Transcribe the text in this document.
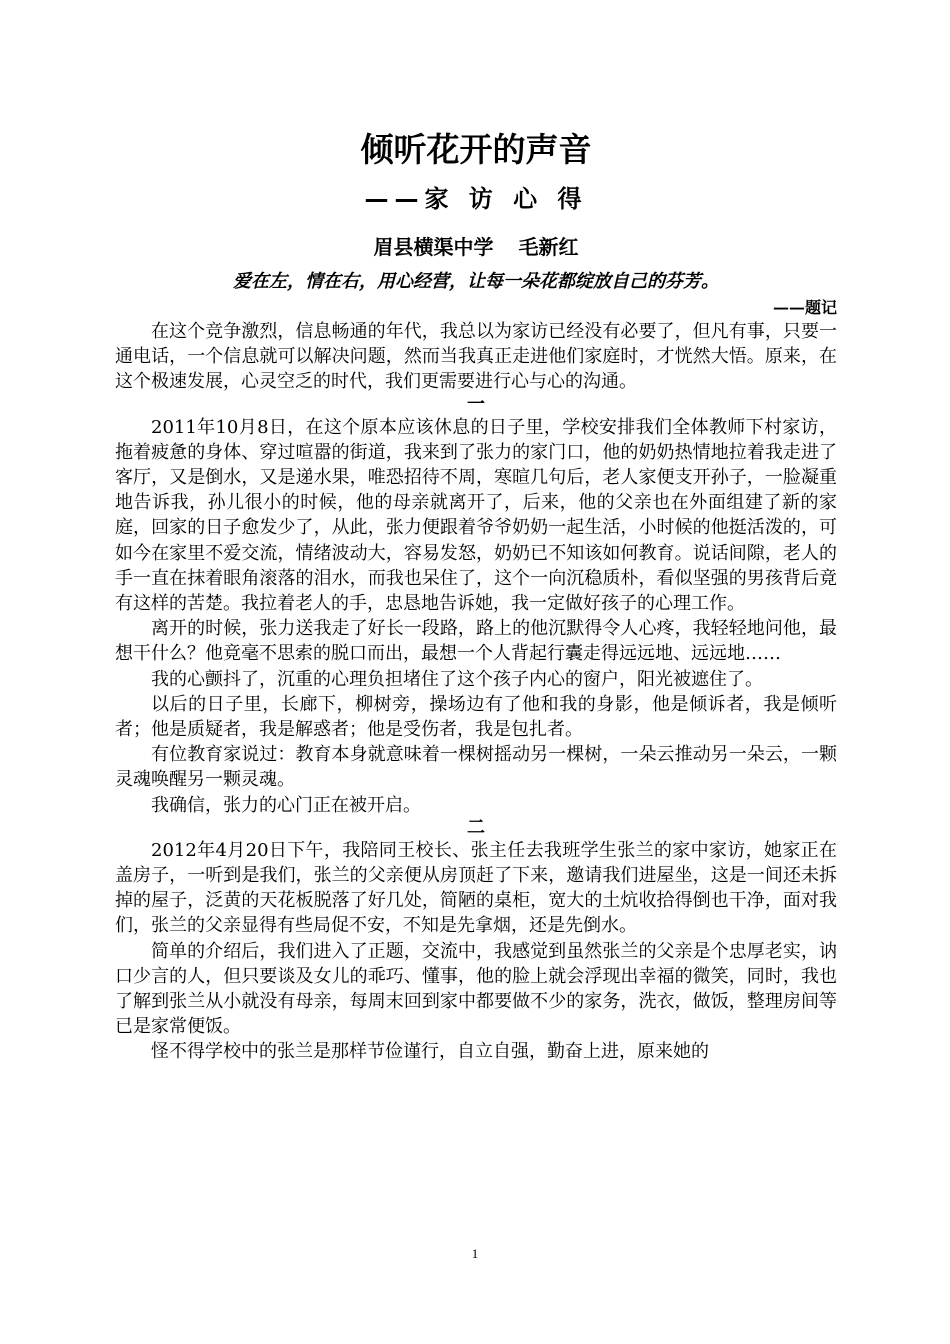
倾听花开的声音
——家 访 心 得

眉县横渠中学 毛新红

爱在左，情在右，用心经营，让每一朵花都绽放自己的芬芳。

——题记

在这个竞争激烈，信息畅通的年代，我总以为家访已经没有必要了，但凡有事，只要一通电话，一个信息就可以解决问题，然而当我真正走进他们家庭时，才恍然大悟。原来，在这个极速发展，心灵空乏的时代，我们更需要进行心与心的沟通。

一

2011年10月8日，在这个原本应该休息的日子里，学校安排我们全体教师下村家访，拖着疲惫的身体、穿过喧嚣的街道，我来到了张力的家门口，他的奶奶热情地拉着我走进了客厅，又是倒水，又是递水果，唯恐招待不周，寒暄几句后，老人家便支开孙子，一脸凝重地告诉我，孙儿很小的时候，他的母亲就离开了，后来，他的父亲也在外面组建了新的家庭，回家的日子愈发少了，从此，张力便跟着爷爷奶奶一起生活，小时候的他挺活泼的，可如今在家里不爱交流，情绪波动大，容易发怒，奶奶已不知该如何教育。说话间隙，老人的手一直在抹着眼角滚落的泪水，而我也呆住了，这个一向沉稳质朴，看似坚强的男孩背后竟有这样的苦楚。我拉着老人的手，忠恳地告诉她，我一定做好孩子的心理工作。

离开的时候，张力送我走了好长一段路，路上的他沉默得令人心疼，我轻轻地问他，最想干什么？他竟毫不思索的脱口而出，最想一个人背起行囊走得远远地、远远地……

我的心颤抖了，沉重的心理负担堵住了这个孩子内心的窗户，阳光被遮住了。

以后的日子里，长廊下，柳树旁，操场边有了他和我的身影，他是倾诉者，我是倾听者；他是质疑者，我是解惑者；他是受伤者，我是包扎者。

有位教育家说过：教育本身就意味着一棵树摇动另一棵树，一朵云推动另一朵云，一颗灵魂唤醒另一颗灵魂。

我确信，张力的心门正在被开启。

二

2012年4月20日下午，我陪同王校长、张主任去我班学生张兰的家中家访，她家正在盖房子，一听到是我们，张兰的父亲便从房顶赶了下来，邀请我们进屋坐，这是一间还未拆掉的屋子，泛黄的天花板脱落了好几处，简陋的桌柜，宽大的土炕收拾得倒也干净，面对我们，张兰的父亲显得有些局促不安，不知是先拿烟，还是先倒水。

简单的介绍后，我们进入了正题，交流中，我感觉到虽然张兰的父亲是个忠厚老实，讷口少言的人，但只要谈及女儿的乖巧、懂事，他的脸上就会浮现出幸福的微笑，同时，我也了解到张兰从小就没有母亲，每周末回到家中都要做不少的家务，洗衣，做饭，整理房间等已是家常便饭。

怪不得学校中的张兰是那样节俭谨行，自立自强，勤奋上进，原来她的

1
